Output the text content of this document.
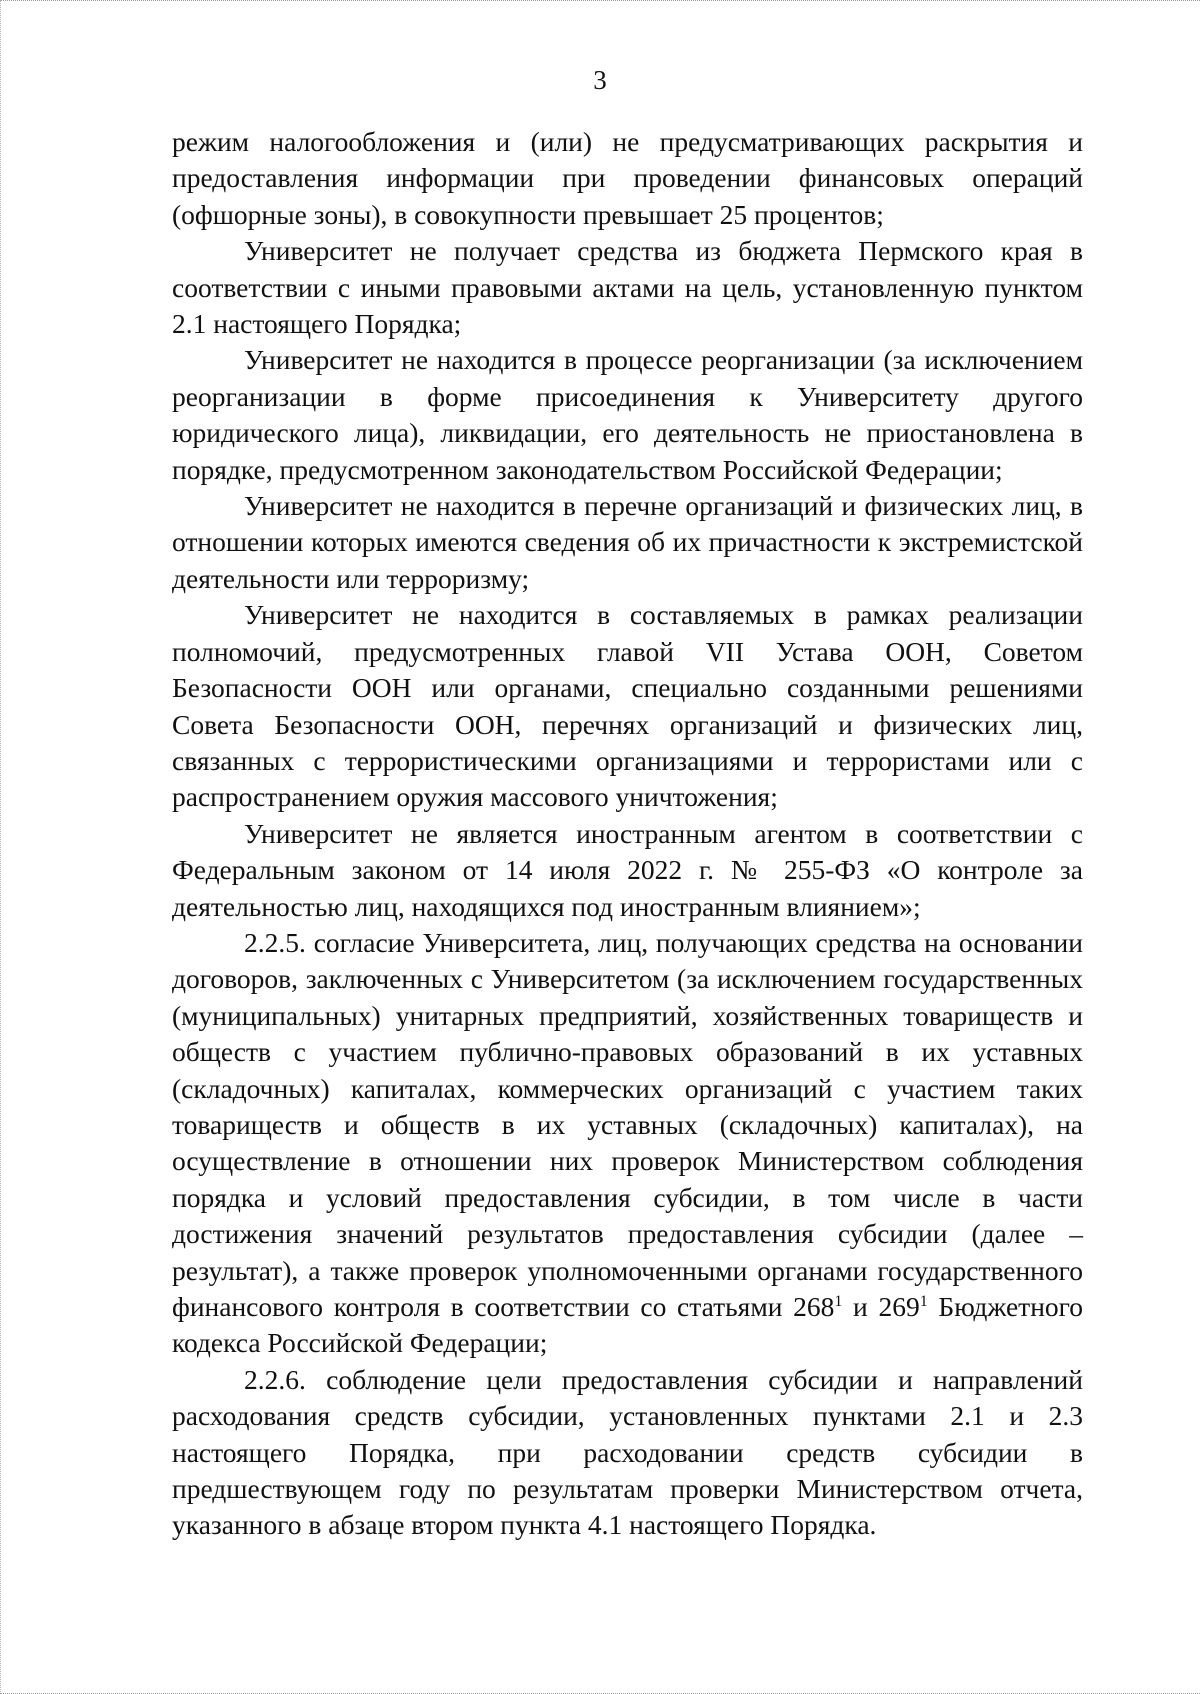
3

режим налогообложения и (или) не предусматривающих раскрытия и предоставления информации при проведении финансовых операций (офшорные зоны), в совокупности превышает 25 процентов;

Университет не получает средства из бюджета Пермского края в соответствии с иными правовыми актами на цель, установленную пунктом 2.1 настоящего Порядка;

Университет не находится в процессе реорганизации (за исключением реорганизации в форме присоединения к Университету другого юридического лица), ликвидации, его деятельность не приостановлена в порядке, предусмотренном законодательством Российской Федерации;

Университет не находится в перечне организаций и физических лиц, в отношении которых имеются сведения об их причастности к экстремистской деятельности или терроризму;

Университет не находится в составляемых в рамках реализации полномочий, предусмотренных главой VII Устава ООН, Советом Безопасности ООН или органами, специально созданными решениями Совета Безопасности ООН, перечнях организаций и физических лиц, связанных с террористическими организациями и террористами или с распространением оружия массового уничтожения;

Университет не является иностранным агентом в соответствии с Федеральным законом от 14 июля 2022 г. № 255-ФЗ «О контроле за деятельностью лиц, находящихся под иностранным влиянием»;

2.2.5. согласие Университета, лиц, получающих средства на основании договоров, заключенных с Университетом (за исключением государственных (муниципальных) унитарных предприятий, хозяйственных товариществ и обществ с участием публично-правовых образований в их уставных (складочных) капиталах, коммерческих организаций с участием таких товариществ и обществ в их уставных (складочных) капиталах), на осуществление в отношении них проверок Министерством соблюдения порядка и условий предоставления субсидии, в том числе в части достижения значений результатов предоставления субсидии (далее – результат), а также проверок уполномоченными органами государственного финансового контроля в соответствии со статьями $268^1$ и $269^1$ Бюджетного кодекса Российской Федерации;

2.2.6. соблюдение цели предоставления субсидии и направлений расходования средств субсидии, установленных пунктами 2.1 и 2.3 настоящего Порядка, при расходовании средств субсидии в предшествующем году по результатам проверки Министерством отчета, указанного в абзаце втором пункта 4.1 настоящего Порядка.
